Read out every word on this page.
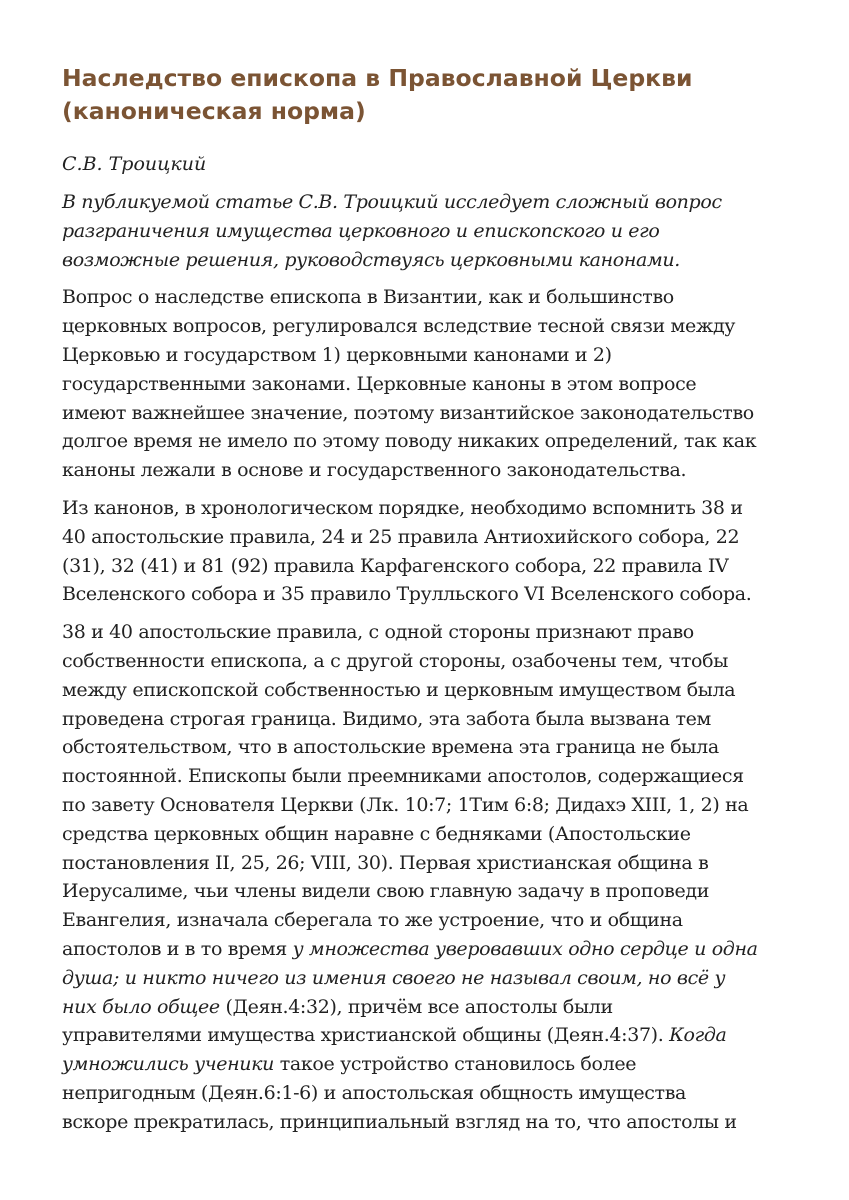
Наследство епископа в Православной Церкви
(каноническая норма)
С.В. Троицкий
В публикуемой статье С.В. Троицкий исследует сложный вопрос
разграничения имущества церковного и епископского и его
возможные решения, руководствуясь церковными канонами.
Вопрос о наследстве епископа в Византии, как и большинство
церковных вопросов, регулировался вследствие тесной связи между
Церковью и государством 1) церковными канонами и 2)
государственными законами. Церковные каноны в этом вопросе
имеют важнейшее значение, поэтому византийское законодательство
долгое время не имело по этому поводу никаких определений, так как
каноны лежали в основе и государственного законодательства.
Из канонов, в хронологическом порядке, необходимо вспомнить 38 и
40 апостольские правила, 24 и 25 правила Антиохийского собора, 22
(31), 32 (41) и 81 (92) правила Карфагенского собора, 22 правила IV
Вселенского собора и 35 правило Трулльского VI Вселенского собора.
38 и 40 апостольские правила, с одной стороны признают право
собственности епископа, а с другой стороны, озабочены тем, чтобы
между епископской собственностью и церковным имуществом была
проведена строгая граница. Видимо, эта забота была вызвана тем
обстоятельством, что в апостольские времена эта граница не была
постоянной. Епископы были преемниками апостолов, содержащиеся
по завету Основателя Церкви (Лк. 10:7; 1Тим 6:8; Дидахэ XIII, 1, 2) на
средства церковных общин наравне с бедняками (Апостольские
постановления II, 25, 26; VIII, 30). Первая христианская община в
Иерусалиме, чьи члены видели свою главную задачу в проповеди
Евангелия, изначала сберегала то же устроение, что и община
апостолов и в то время у множества уверовавших одно сердце и одна
душа; и никто ничего из имения своего не называл своим, но всё у
них было общее (Деян.4:32), причём все апостолы были
управителями имущества христианской общины (Деян.4:37). Когда
умножились ученики такое устройство становилось более
непригодным (Деян.6:1-6) и апостольская общность имущества
вскоре прекратилась, принципиальный взгляд на то, что апостолы и
